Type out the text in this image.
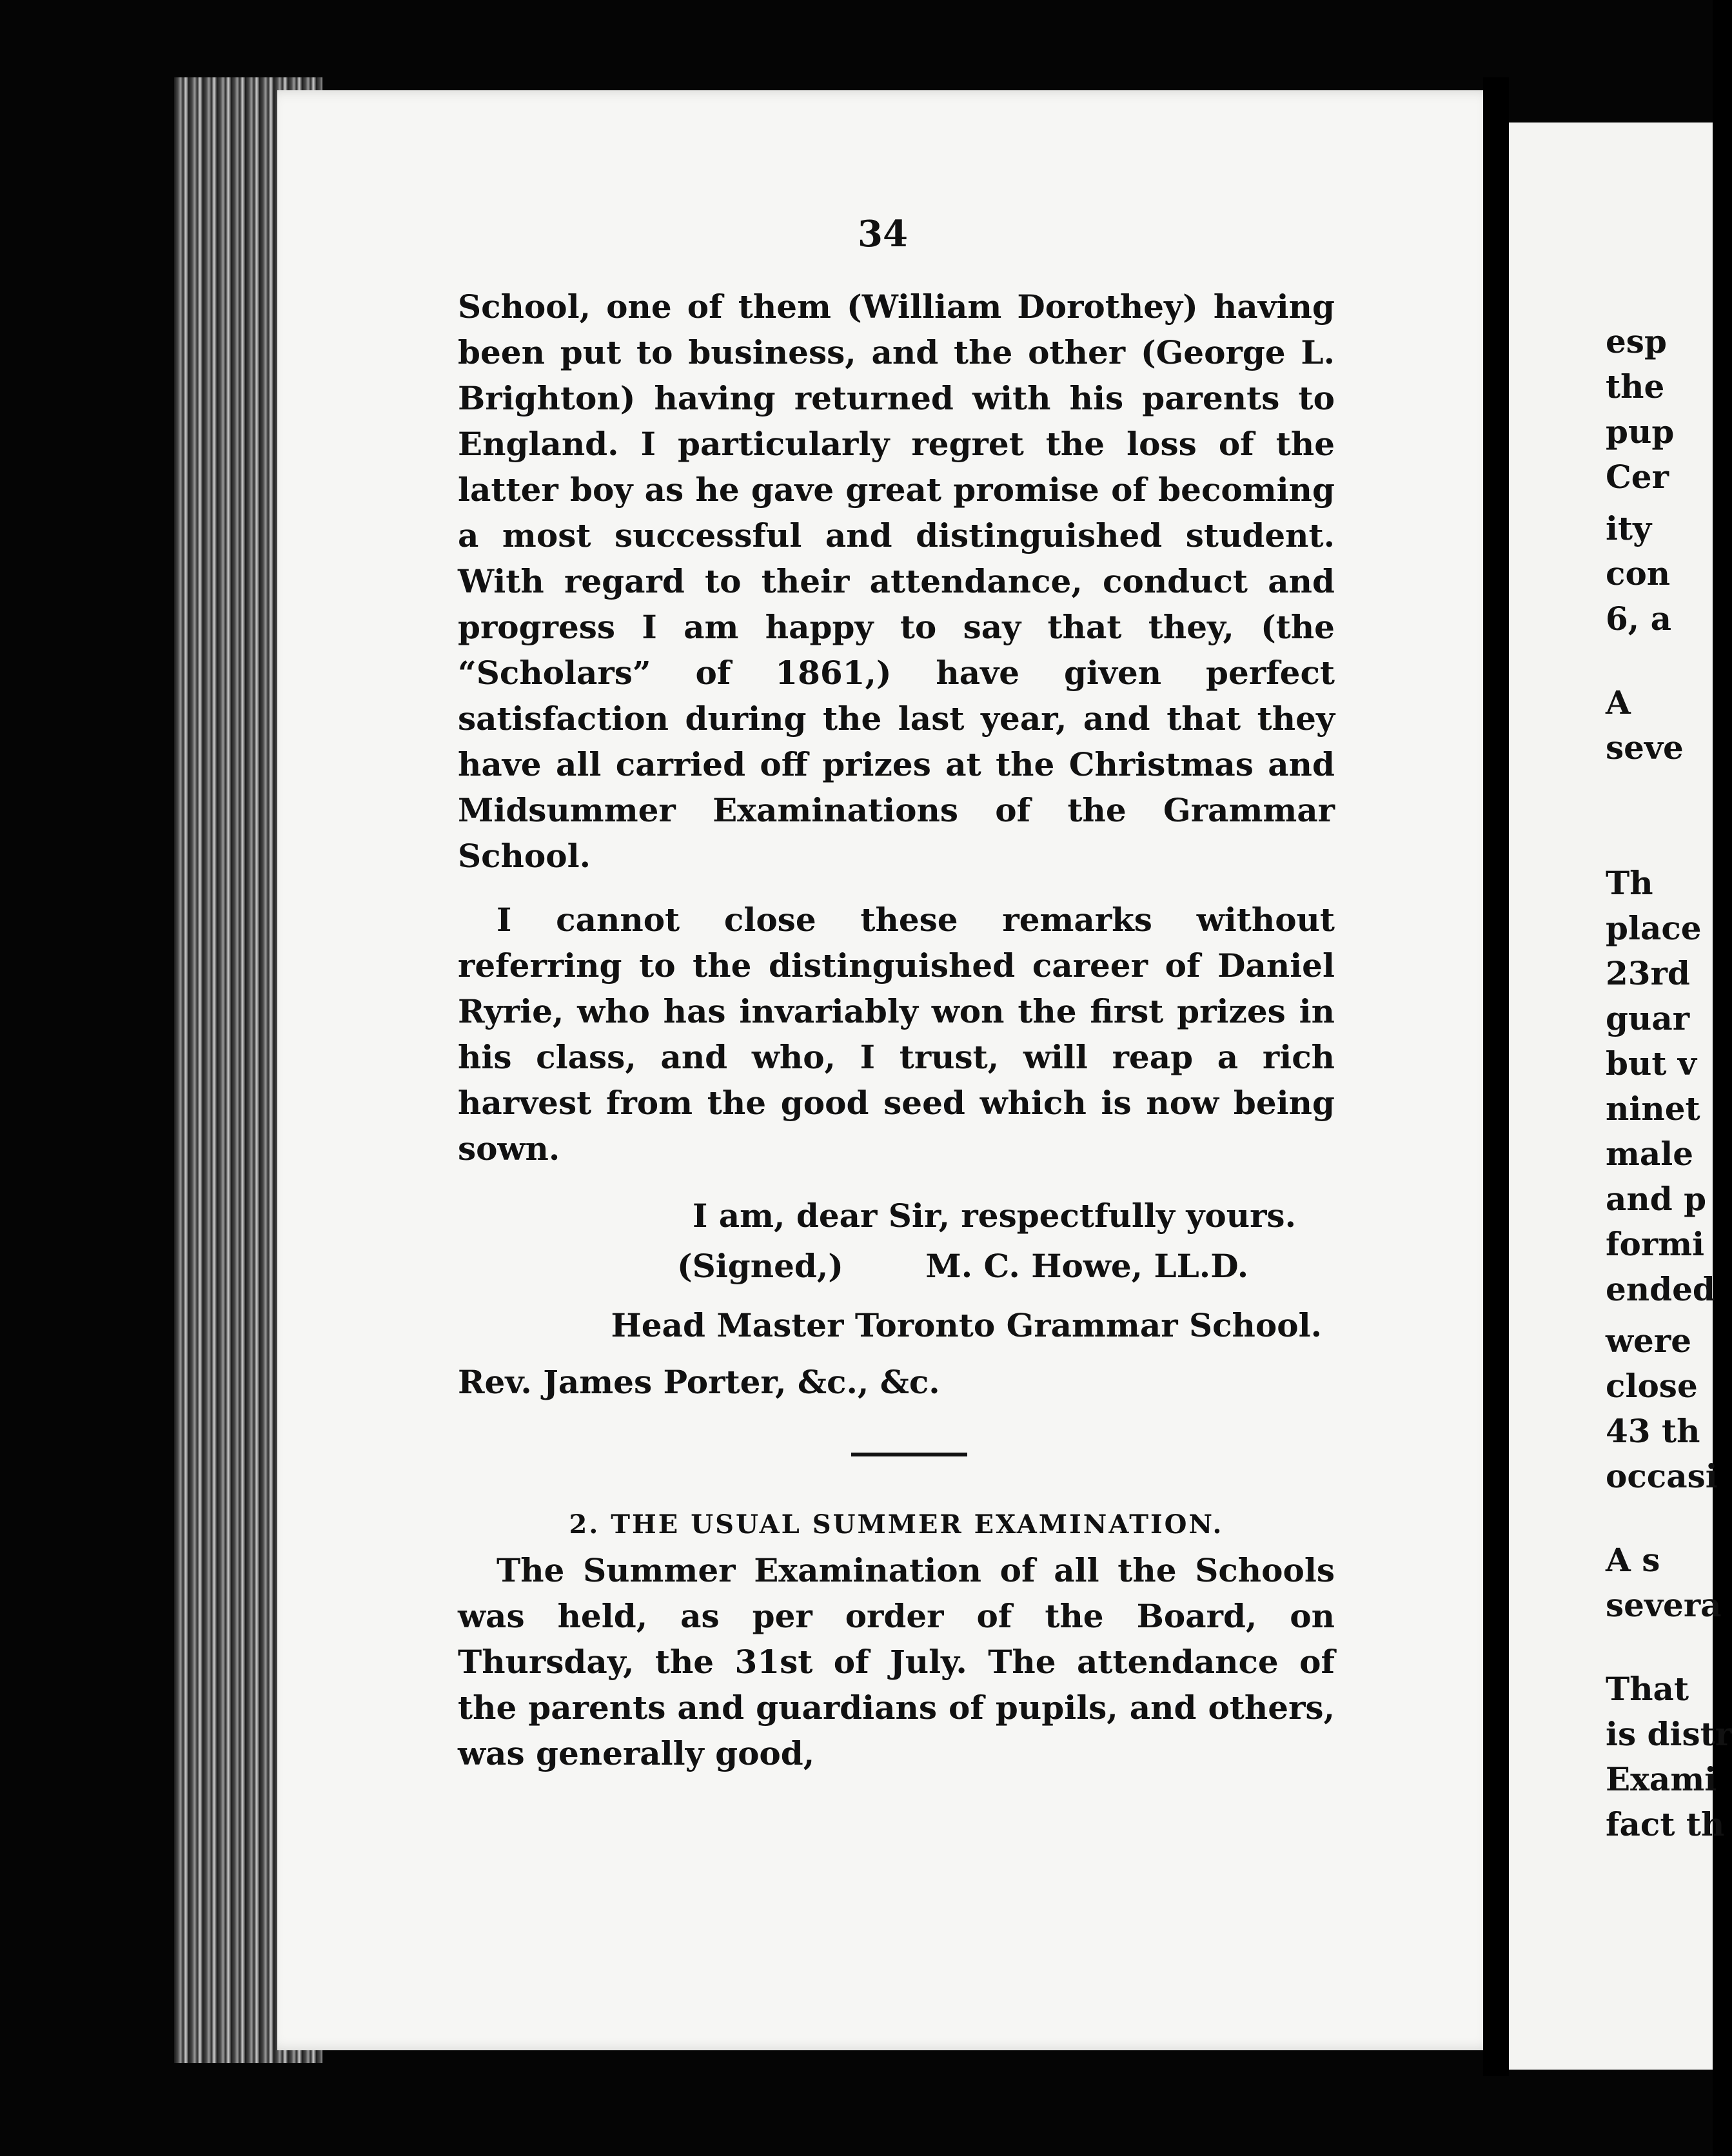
34

School, one of them (William Dorothey) having been put to business, and the other (George L. Brighton) having returned with his parents to England. I particularly regret the loss of the latter boy as he gave great promise of becoming a most successful and distinguished student. With regard to their attendance, conduct and progress I am happy to say that they, (the “Scholars” of 1861,) have given perfect satisfaction during the last year, and that they have all carried off prizes at the Christmas and Midsummer Examinations of the Grammar School.

I cannot close these remarks without referring to the distinguished career of Daniel Ryrie, who has invariably won the first prizes in his class, and who, I trust, will reap a rich harvest from the good seed which is now being sown.

I am, dear Sir, respectfully yours.
(Signed,)	M. C. Howe, LL.D.
Head Master Toronto Grammar School.
Rev. James Porter, &c., &c.
2. THE USUAL SUMMER EXAMINATION.

The Summer Examination of all the Schools was held, as per order of the Board, on Thursday, the 31st of July. The attendance of the parents and guardians of pupils, and others, was generally good,

esp
the
pup
Cer
ity
con
6, a
A
seve
Th
place
23rd
guar
but v
ninet
male
and p
formi
ended
were
close
43 th
occasi
A s
severa
That
is distr
Exami
fact th
